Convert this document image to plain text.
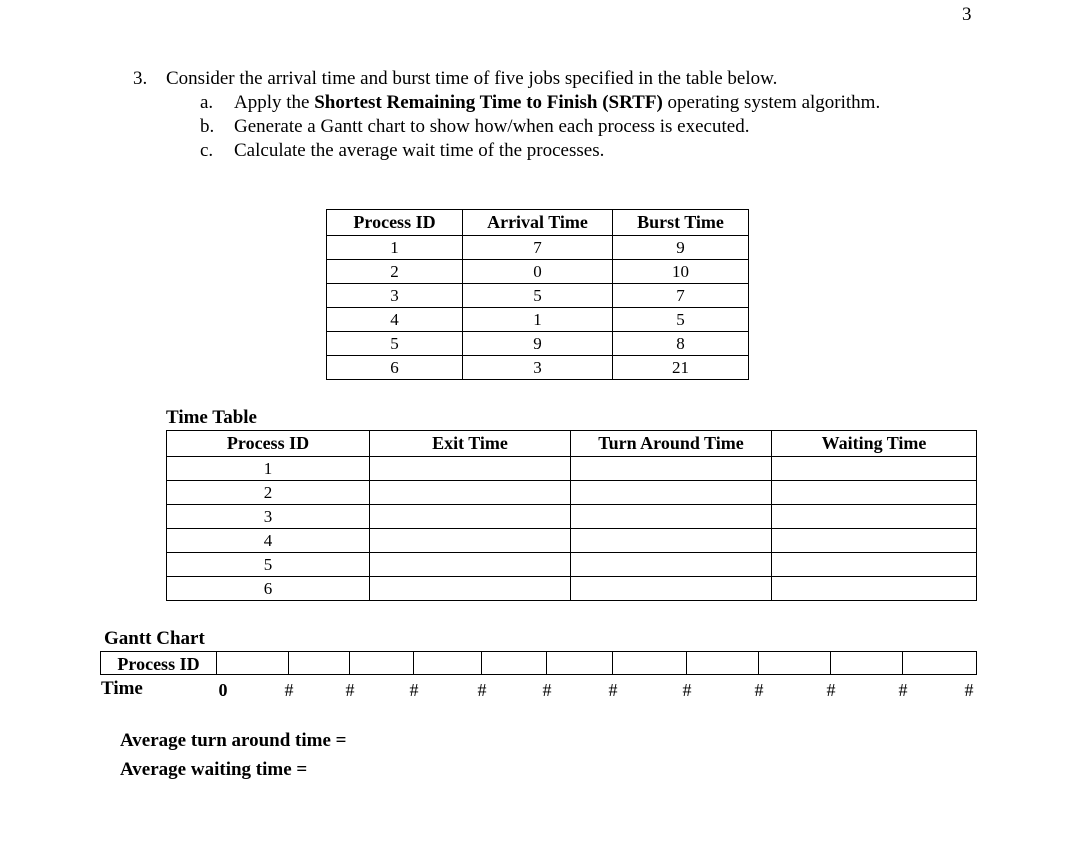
3
3. Consider the arrival time and burst time of five jobs specified in the table below.
a. Apply the Shortest Remaining Time to Finish (SRTF) operating system algorithm.
b. Generate a Gantt chart to show how/when each process is executed.
c. Calculate the average wait time of the processes.
Process ID	Arrival Time	Burst Time
1	7	9
2	0	10
3	5	7
4	1	5
5	9	8
6	3	21
Time Table
Process ID	Exit Time	Turn Around Time	Waiting Time
1			
2			
3			
4			
5			
6			
Gantt Chart
Process ID
Time	0	#	#	#	#	#	#	#	#	#	#	#
Average turn around time =
Average waiting time =
